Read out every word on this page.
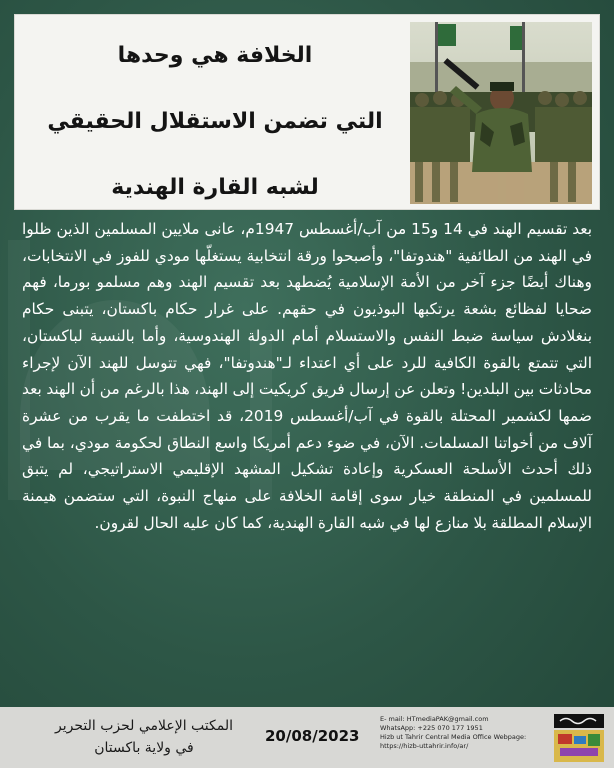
الخلافة هي وحدها
التي تضمن الاستقلال الحقيقي
لشبه القارة الهندية

بعد تقسيم الهند في 14 و15 من آب/أغسطس 1947م، عانى ملايين المسلمين الذين ظلوا في الهند من الطائفية "هندوتفا"، وأصبحوا ورقة انتخابية يستغلّها مودي للفوز في الانتخابات، وهناك أيضًا جزء آخر من الأمة الإسلامية يُضطهد بعد تقسيم الهند وهم مسلمو بورما، فهم ضحايا لفظائع بشعة يرتكبها البوذيون في حقهم. على غرار حكام باكستان، يتبنى حكام بنغلادش سياسة ضبط النفس والاستسلام أمام الدولة الهندوسية، وأما بالنسبة لباكستان، التي تتمتع بالقوة الكافية للرد على أي اعتداء لـ"هندوتفا"، فهي تتوسل للهند الآن لإجراء محادثات بين البلدين! وتعلن عن إرسال فريق كريكيت إلى الهند، هذا بالرغم من أن الهند بعد ضمها لكشمير المحتلة بالقوة في آب/أغسطس 2019، قد اختطفت ما يقرب من عشرة آلاف من أخواتنا المسلمات. الآن، في ضوء دعم أمريكا واسع النطاق لحكومة مودي، بما في ذلك أحدث الأسلحة العسكرية وإعادة تشكيل المشهد الإقليمي الاستراتيجي، لم يتبق للمسلمين في المنطقة خيار سوى إقامة الخلافة على منهاج النبوة، التي ستضمن هيمنة الإسلام المطلقة بلا منازع لها في شبه القارة الهندية، كما كان عليه الحال لقرون.

المكتب الإعلامي لحزب التحرير
في ولاية باكستان
20/08/2023
E- mail: HTmediaPAK@gmail.com
WhatsApp: +225 070 177 1951
Hizb ut Tahrir Central Media Office Webpage:
https://hizb-uttahrir.info/ar/
